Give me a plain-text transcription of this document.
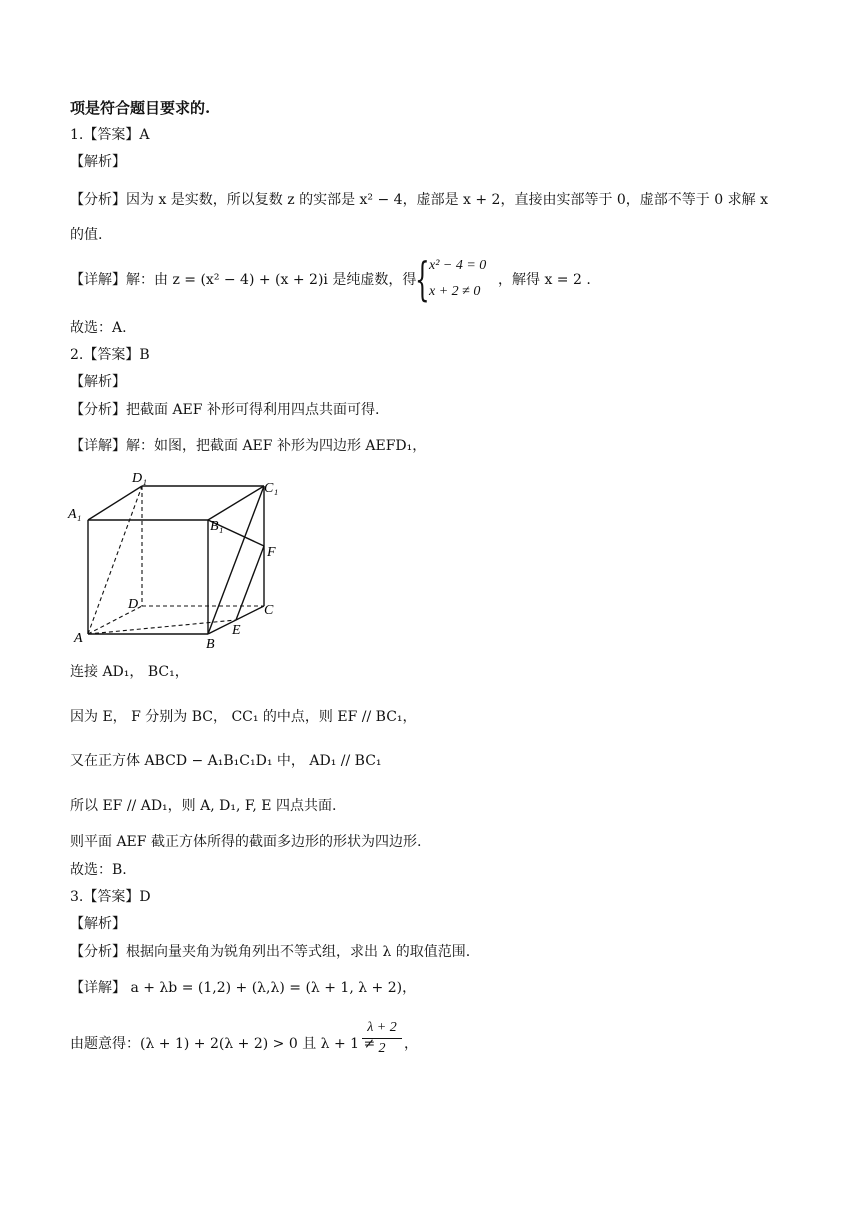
项是符合题目要求的.
1.【答案】A
【解析】
【分析】因为 x 是实数，所以复数 z 的实部是 x² − 4，虚部是 x + 2，直接由实部等于 0，虚部不等于 0 求解 x
的值.
【详解】解：由 z = (x² − 4) + (x + 2)i 是纯虚数，得
{ x² − 4 = 0
x + 2 ≠ 0
，解得 x = 2 .
故选：A.
2.【答案】B
【解析】
【分析】把截面 AEF 补形可得利用四点共面可得.
【详解】解：如图，把截面 AEF 补形为四边形 AEFD₁，
D₁
C₁
A₁
B₁
F
D	C
A
E
B
连接 AD₁， BC₁，
因为 E， F 分别为 BC， CC₁ 的中点，则 EF // BC₁，
又在正方体 ABCD − A₁B₁C₁D₁ 中， AD₁ // BC₁
所以 EF // AD₁，则 A, D₁, F, E 四点共面.
则平面 AEF 截正方体所得的截面多边形的形状为四边形.
故选：B.
3.【答案】D
【解析】
【分析】根据向量夹角为锐角列出不等式组，求出 λ 的取值范围.
【详解】 a + λb = (1,2) + (λ,λ) = (λ + 1, λ + 2)，
由题意得：(λ + 1) + 2(λ + 2) > 0 且 λ + 1 ≠
$\frac{\lambda + 2}{2}$ ，
